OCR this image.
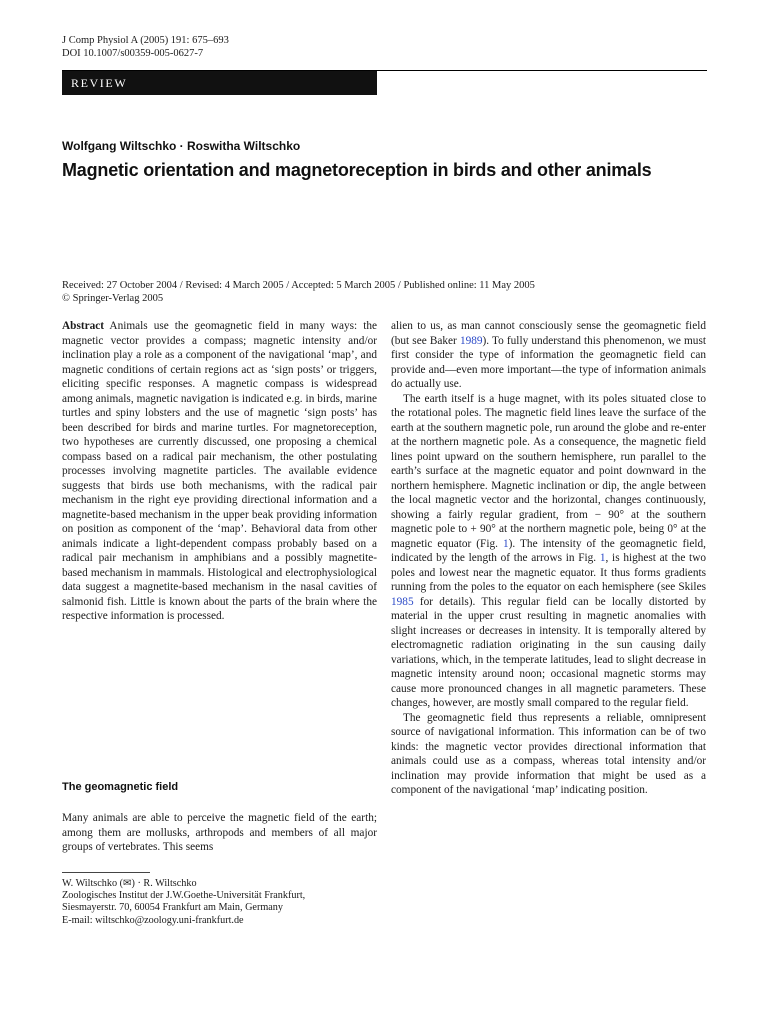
J Comp Physiol A (2005) 191: 675–693
DOI 10.1007/s00359-005-0627-7
REVIEW
Wolfgang Wiltschko · Roswitha Wiltschko
Magnetic orientation and magnetoreception in birds and other animals
Received: 27 October 2004 / Revised: 4 March 2005 / Accepted: 5 March 2005 / Published online: 11 May 2005
© Springer-Verlag 2005

Abstract Animals use the geomagnetic field in many ways: the magnetic vector provides a compass; magnetic intensity and/or inclination play a role as a component of the navigational ‘map’, and magnetic conditions of certain regions act as ‘sign posts’ or triggers, eliciting specific responses. A magnetic compass is widespread among animals, magnetic navigation is indicated e.g. in birds, marine turtles and spiny lobsters and the use of magnetic ‘sign posts’ has been described for birds and marine turtles. For magnetoreception, two hypotheses are currently discussed, one proposing a chemical compass based on a radical pair mechanism, the other postulating processes involving magnetite particles. The available evidence suggests that birds use both mechanisms, with the radical pair mechanism in the right eye providing directional information and a magnetite-based mechanism in the upper beak providing information on position as component of the ‘map’. Behavioral data from other animals indicate a light-dependent compass probably based on a radical pair mechanism in amphibians and a possibly magnetite-based mechanism in mammals. Histological and electrophysiological data suggest a magnetite-based mechanism in the nasal cavities of salmonid fish. Little is known about the parts of the brain where the respective information is processed.

The geomagnetic field

Many animals are able to perceive the magnetic field of the earth; among them are mollusks, arthropods and members of all major groups of vertebrates. This seems

W. Wiltschko (✉) · R. Wiltschko
Zoologisches Institut der J.W.Goethe-Universität Frankfurt,
Siesmayerstr. 70, 60054 Frankfurt am Main, Germany
E-mail: wiltschko@zoology.uni-frankfurt.de

alien to us, as man cannot consciously sense the geomagnetic field (but see Baker 1989). To fully understand this phenomenon, we must first consider the type of information the geomagnetic field can provide and—even more important—the type of information animals do actually use.

The earth itself is a huge magnet, with its poles situated close to the rotational poles. The magnetic field lines leave the surface of the earth at the southern magnetic pole, run around the globe and re-enter at the northern magnetic pole. As a consequence, the magnetic field lines point upward on the southern hemisphere, run parallel to the earth’s surface at the magnetic equator and point downward in the northern hemisphere. Magnetic inclination or dip, the angle between the local magnetic vector and the horizontal, changes continuously, showing a fairly regular gradient, from − 90° at the southern magnetic pole to + 90° at the northern magnetic pole, being 0° at the magnetic equator (Fig. 1). The intensity of the geomagnetic field, indicated by the length of the arrows in Fig. 1, is highest at the two poles and lowest near the magnetic equator. It thus forms gradients running from the poles to the equator on each hemisphere (see Skiles 1985 for details). This regular field can be locally distorted by material in the upper crust resulting in magnetic anomalies with slight increases or decreases in intensity. It is temporally altered by electromagnetic radiation originating in the sun causing daily variations, which, in the temperate latitudes, lead to slight decrease in magnetic intensity around noon; occasional magnetic storms may cause more pronounced changes in all magnetic parameters. These changes, however, are mostly small compared to the regular field.

The geomagnetic field thus represents a reliable, omnipresent source of navigational information. This information can be of two kinds: the magnetic vector provides directional information that animals could use as a compass, whereas total intensity and/or inclination may provide information that might be used as a component of the navigational ‘map’ indicating position.
